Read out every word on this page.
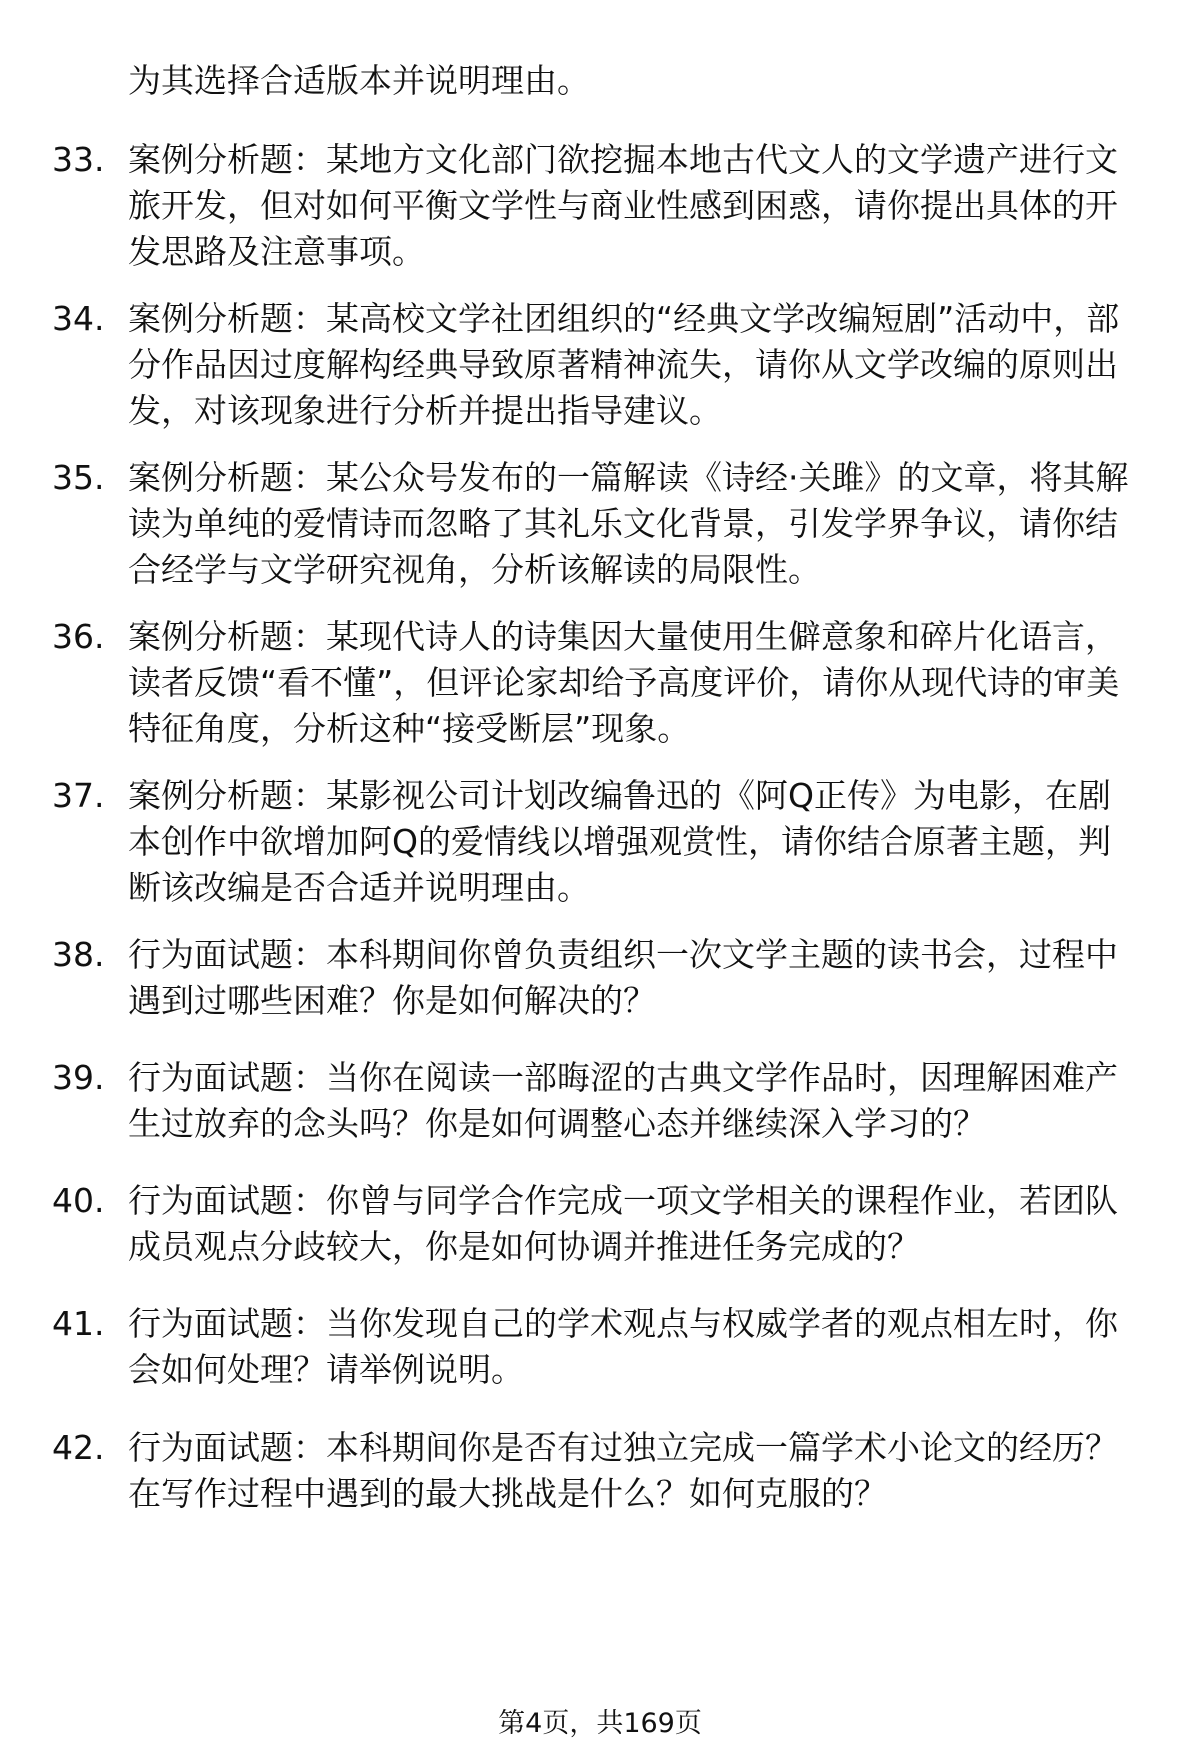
为其选择合适版本并说明理由。
33. 案例分析题：某地方文化部门欲挖掘本地古代文人的文学遗产进行文旅开发，但对如何平衡文学性与商业性感到困惑，请你提出具体的开发思路及注意事项。
34. 案例分析题：某高校文学社团组织的“经典文学改编短剧”活动中，部分作品因过度解构经典导致原著精神流失，请你从文学改编的原则出发，对该现象进行分析并提出指导建议。
35. 案例分析题：某公众号发布的一篇解读《诗经·关雎》的文章，将其解读为单纯的爱情诗而忽略了其礼乐文化背景，引发学界争议，请你结合经学与文学研究视角，分析该解读的局限性。
36. 案例分析题：某现代诗人的诗集因大量使用生僻意象和碎片化语言，读者反馈“看不懂”，但评论家却给予高度评价，请你从现代诗的审美特征角度，分析这种“接受断层”现象。
37. 案例分析题：某影视公司计划改编鲁迅的《阿Q正传》为电影，在剧本创作中欲增加阿Q的爱情线以增强观赏性，请你结合原著主题，判断该改编是否合适并说明理由。
38. 行为面试题：本科期间你曾负责组织一次文学主题的读书会，过程中遇到过哪些困难？你是如何解决的？
39. 行为面试题：当你在阅读一部晦涩的古典文学作品时，因理解困难产生过放弃的念头吗？你是如何调整心态并继续深入学习的？
40. 行为面试题：你曾与同学合作完成一项文学相关的课程作业，若团队成员观点分歧较大，你是如何协调并推进任务完成的？
41. 行为面试题：当你发现自己的学术观点与权威学者的观点相左时，你会如何处理？请举例说明。
42. 行为面试题：本科期间你是否有过独立完成一篇学术小论文的经历？在写作过程中遇到的最大挑战是什么？如何克服的？
第4页，共169页
